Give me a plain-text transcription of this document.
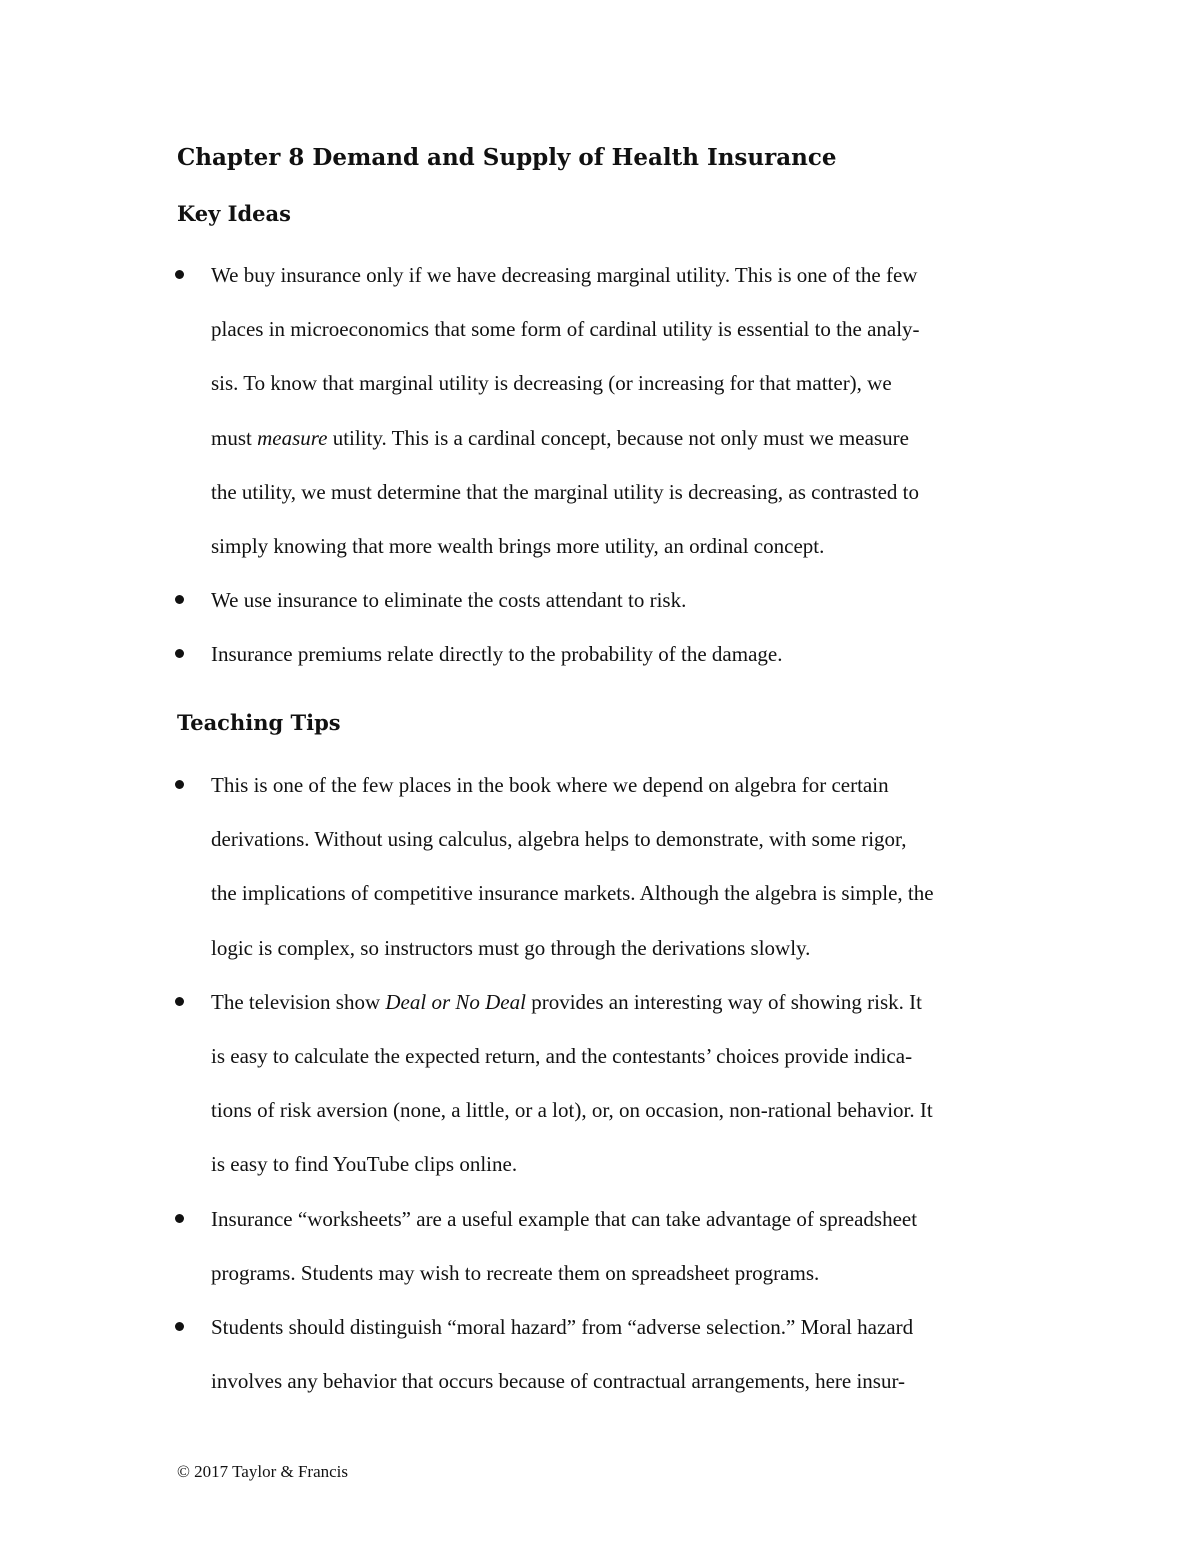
Chapter 8 Demand and Supply of Health Insurance
Key Ideas
We buy insurance only if we have decreasing marginal utility. This is one of the few
places in microeconomics that some form of cardinal utility is essential to the analy-
sis. To know that marginal utility is decreasing (or increasing for that matter), we
must measure utility. This is a cardinal concept, because not only must we measure
the utility, we must determine that the marginal utility is decreasing, as contrasted to
simply knowing that more wealth brings more utility, an ordinal concept.
We use insurance to eliminate the costs attendant to risk.
Insurance premiums relate directly to the probability of the damage.
Teaching Tips
This is one of the few places in the book where we depend on algebra for certain
derivations. Without using calculus, algebra helps to demonstrate, with some rigor,
the implications of competitive insurance markets. Although the algebra is simple, the
logic is complex, so instructors must go through the derivations slowly.
The television show Deal or No Deal provides an interesting way of showing risk. It
is easy to calculate the expected return, and the contestants’ choices provide indica-
tions of risk aversion (none, a little, or a lot), or, on occasion, non-rational behavior. It
is easy to find YouTube clips online.
Insurance “worksheets” are a useful example that can take advantage of spreadsheet
programs. Students may wish to recreate them on spreadsheet programs.
Students should distinguish “moral hazard” from “adverse selection.” Moral hazard
involves any behavior that occurs because of contractual arrangements, here insur-
© 2017 Taylor & Francis
